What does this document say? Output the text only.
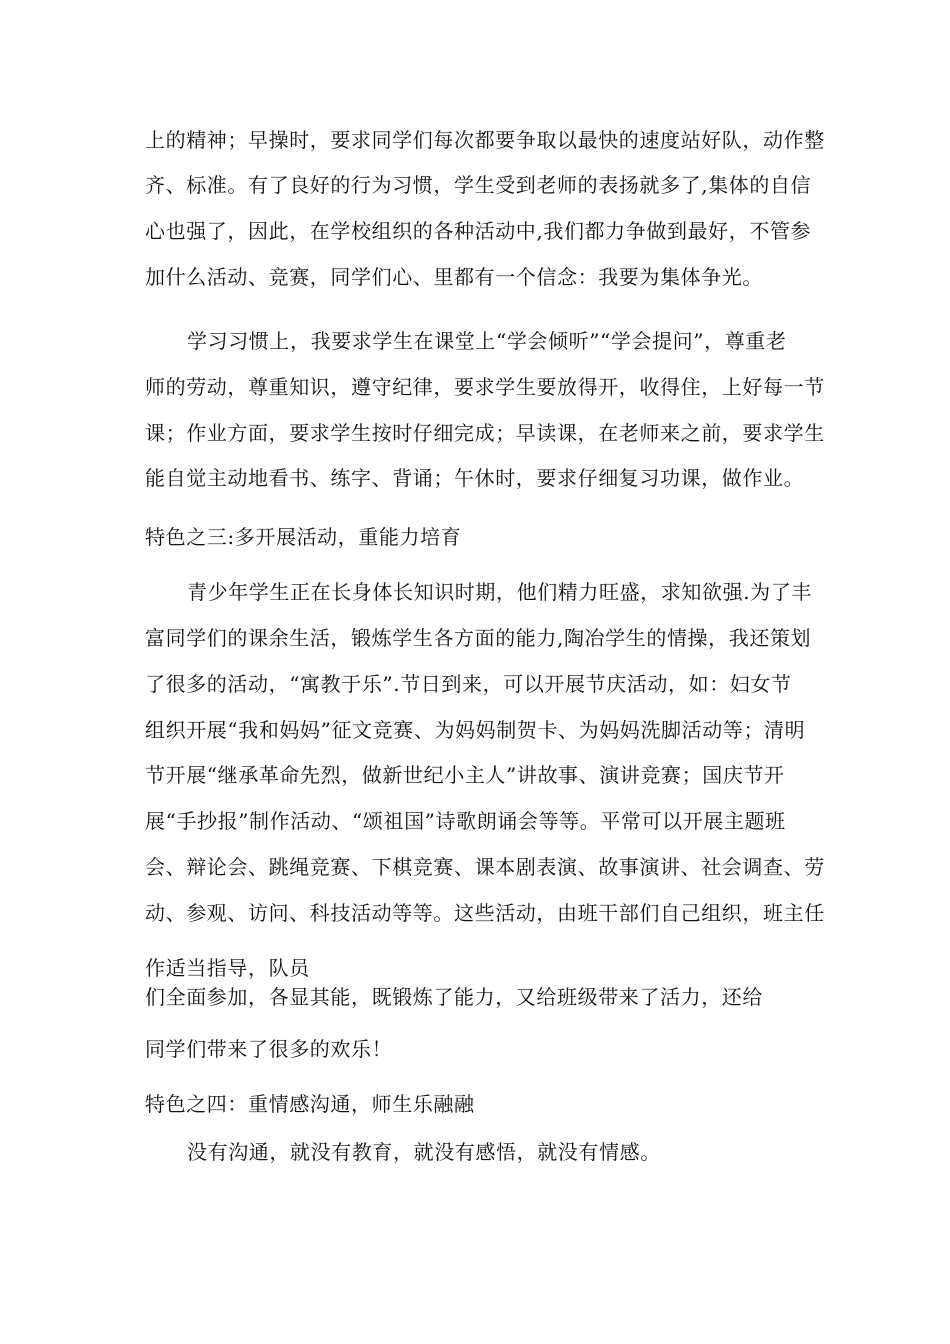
上的精神；早操时，要求同学们每次都要争取以最快的速度站好队，动作整
齐、标准。有了良好的行为习惯，学生受到老师的表扬就多了,集体的自信
心也强了，因此，在学校组织的各种活动中,我们都力争做到最好，不管参
加什么活动、竞赛，同学们心、里都有一个信念：我要为集体争光。
学习习惯上，我要求学生在课堂上“学会倾听”“学会提问”，尊重老
师的劳动，尊重知识，遵守纪律，要求学生要放得开，收得住，上好每一节
课；作业方面，要求学生按时仔细完成；早读课，在老师来之前，要求学生
能自觉主动地看书、练字、背诵；午休时，要求仔细复习功课，做作业。
特色之三:多开展活动，重能力培育
青少年学生正在长身体长知识时期，他们精力旺盛，求知欲强.为了丰
富同学们的课余生活，锻炼学生各方面的能力,陶冶学生的情操，我还策划
了很多的活动，“寓教于乐”.节日到来，可以开展节庆活动，如：妇女节
组织开展“我和妈妈”征文竞赛、为妈妈制贺卡、为妈妈洗脚活动等；清明
节开展“继承革命先烈，做新世纪小主人”讲故事、演讲竞赛；国庆节开
展“手抄报”制作活动、“颂祖国”诗歌朗诵会等等。平常可以开展主题班
会、辩论会、跳绳竞赛、下棋竞赛、课本剧表演、故事演讲、社会调查、劳
动、参观、访问、科技活动等等。这些活动，由班干部们自己组织，班主任
作适当指导，队员
们全面参加，各显其能，既锻炼了能力，又给班级带来了活力，还给
同学们带来了很多的欢乐！
特色之四：重情感沟通，师生乐融融
没有沟通，就没有教育，就没有感悟，就没有情感。
